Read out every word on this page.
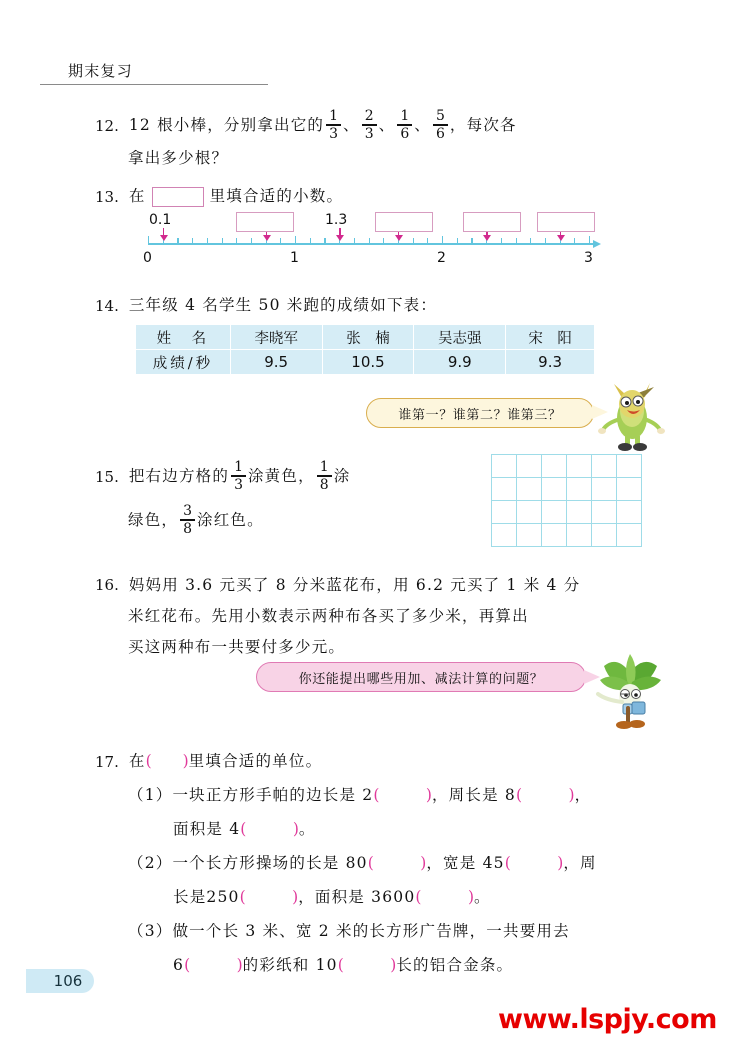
期末复习
12. 12 根小棒，分别拿出它的 $\frac{1}{3}$ 、 $\frac{2}{3}$ 、 $\frac{1}{6}$ 、 $\frac{5}{6}$ ，每次各
拿出多少根？
13. 在	里填合适的小数。
0	1	2	3
0.1	1.3
14. 三年级 4 名学生 50 米跑的成绩如下表：
姓　名	李晓军	张　楠	吴志强	宋　阳
成绩/秒	9.5	10.5	9.9	9.3
谁第一？谁第二？谁第三？
15. 把右边方格的 $\frac{1}{3}$ 涂黄色， $\frac{1}{8}$ 涂
绿色， $\frac{3}{8}$ 涂红色。
16. 妈妈用 3.6 元买了 8 分米蓝花布，用 6.2 元买了 1 米 4 分
米红花布。先用小数表示两种布各买了多少米，再算出
买这两种布一共要付多少元。
你还能提出哪些用加、减法计算的问题？
17. 在 (　　) 里填合适的单位。
（1） 一块正方形手帕的边长是 2 (　　　) ，周长是 8 (　　　) ，
面积是 4 (　　　) 。
（2） 一个长方形操场的长是 80 (　　　) ，宽是 45 (　　　) ，周
长是250 (　　　) ，面积是 3600 (　　　) 。
（3） 做一个长 3 米、宽 2 米的长方形广告牌，一共要用去
6 (　　　) 的彩纸和 10 (　　　) 长的铝合金条。
106
www.lspjy.com
